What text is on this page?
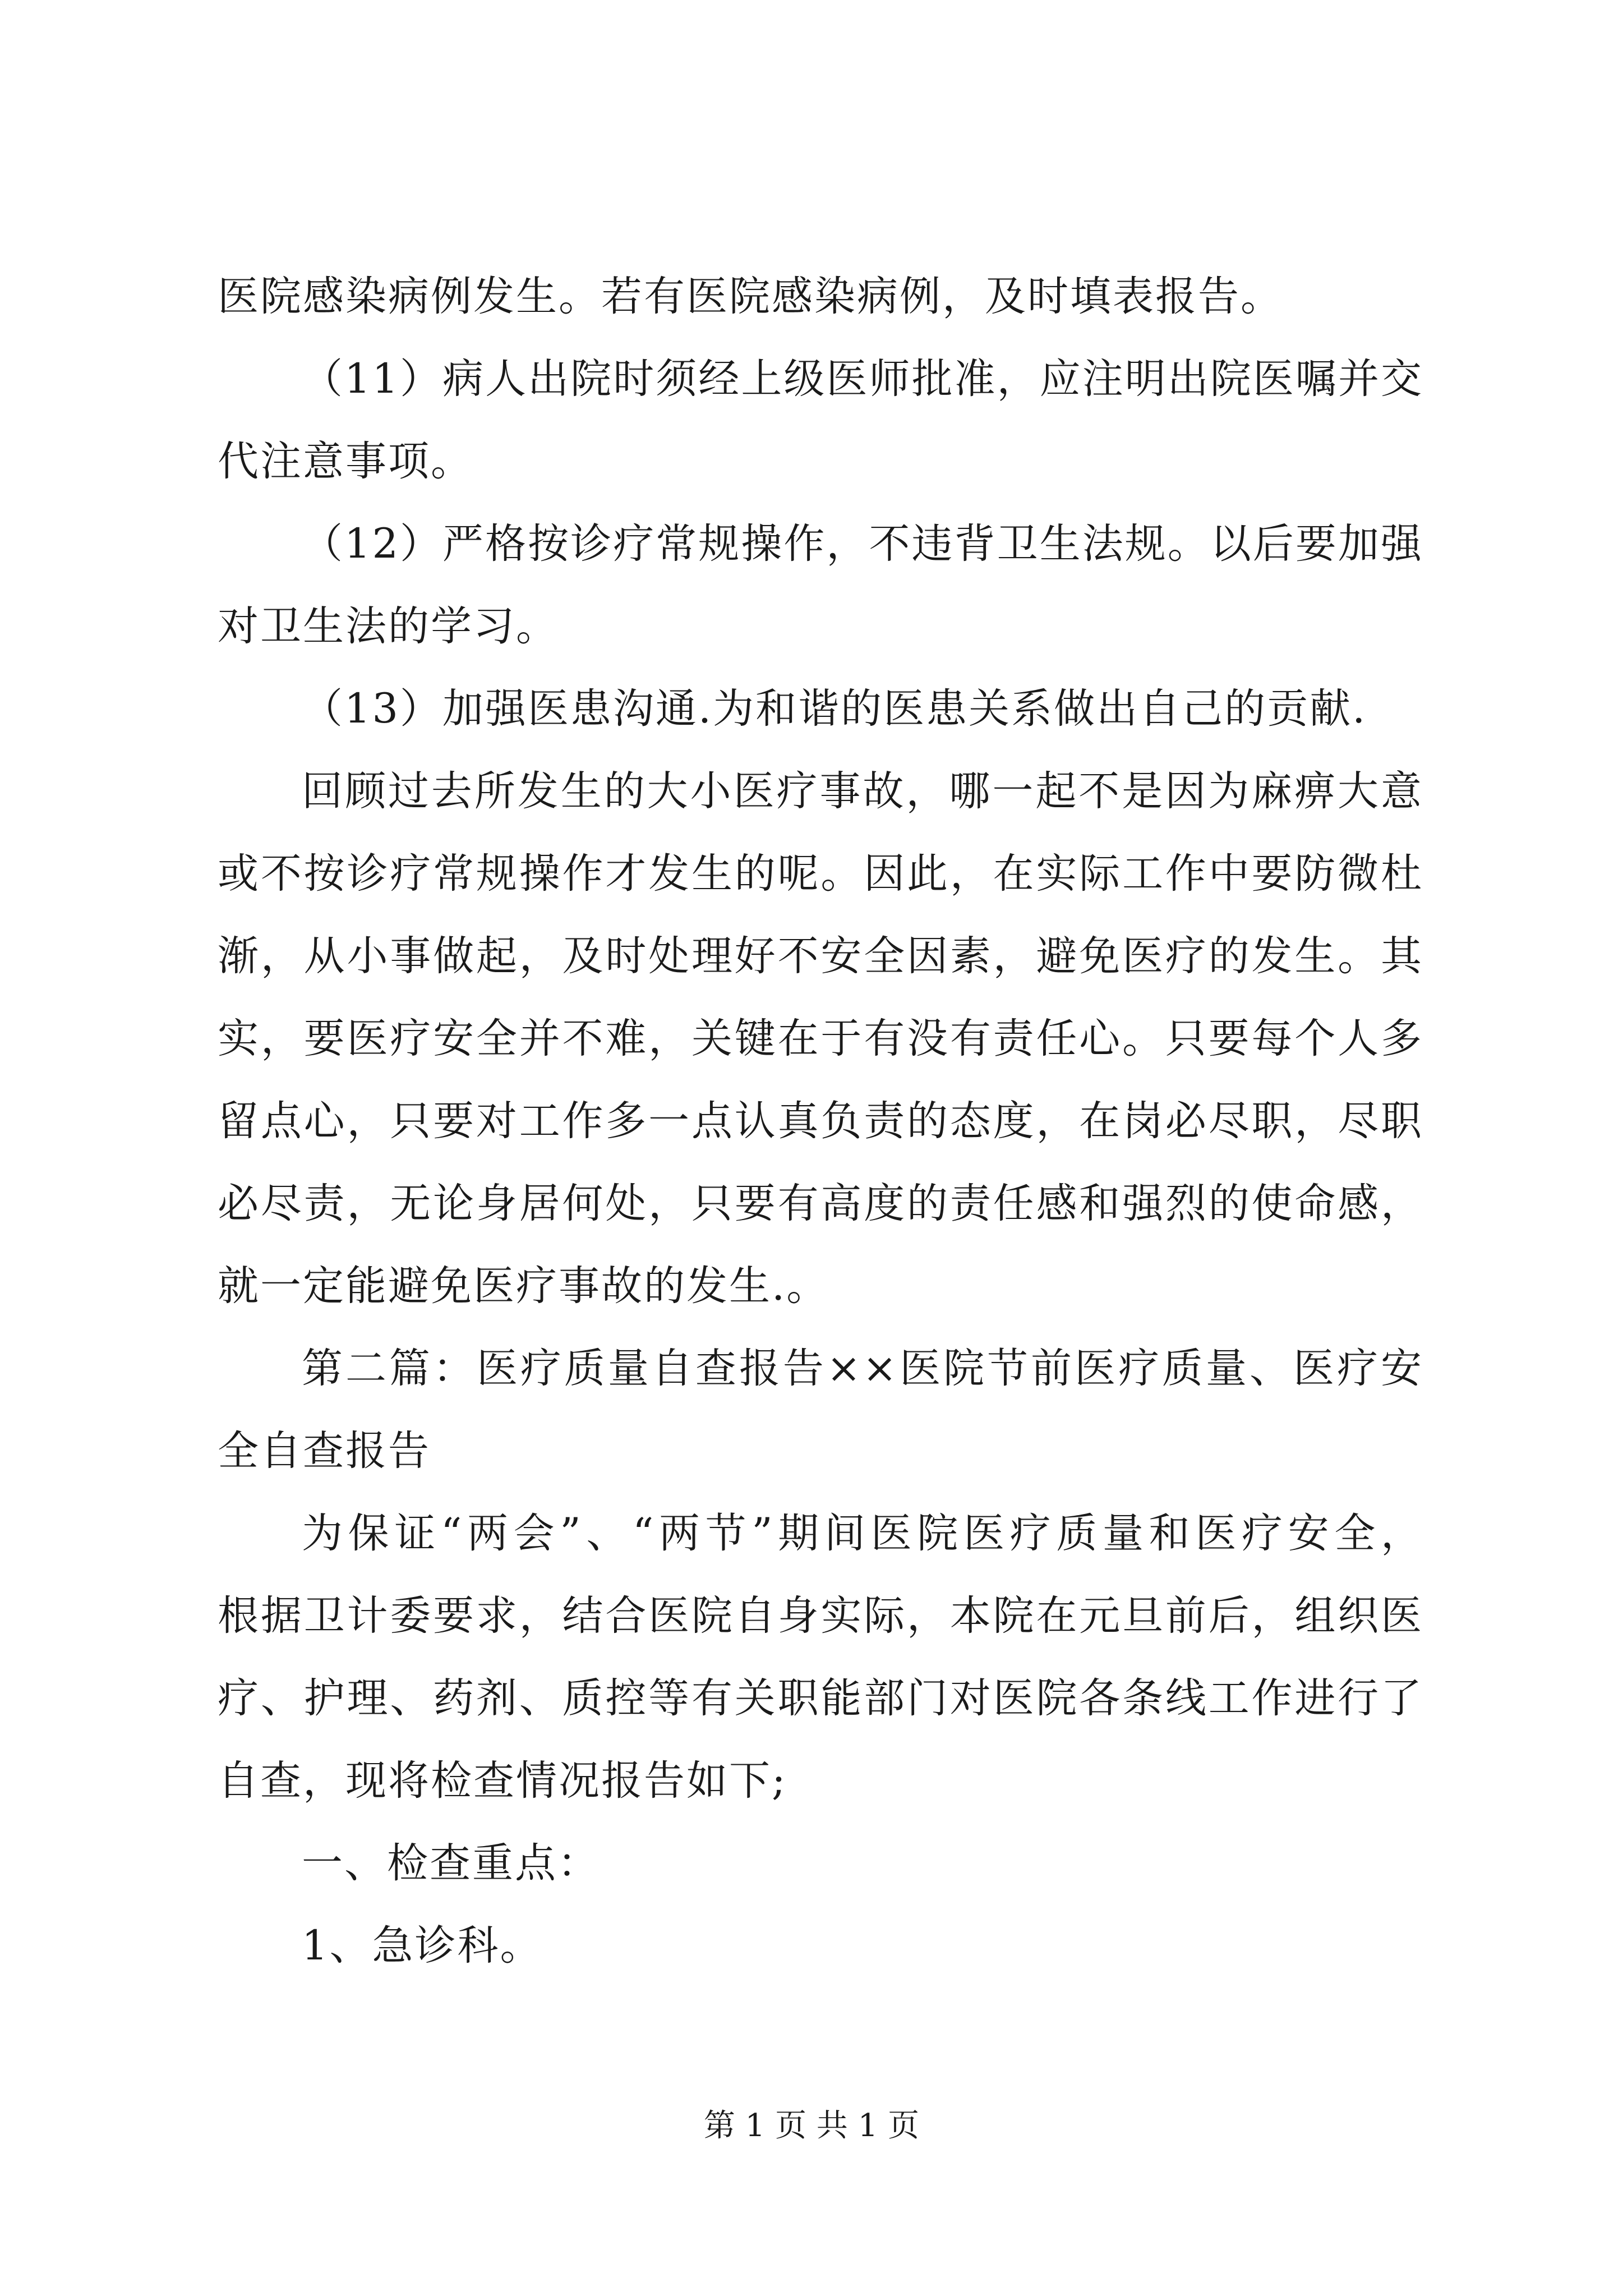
医院感染病例发生。若有医院感染病例，及时填表报告。
（11）病人出院时须经上级医师批准，应注明出院医嘱并交
代注意事项。
（12）严格按诊疗常规操作，不违背卫生法规。以后要加强
对卫生法的学习。
（13）加强医患沟通.为和谐的医患关系做出自己的贡献.
回顾过去所发生的大小医疗事故，哪一起不是因为麻痹大意
或不按诊疗常规操作才发生的呢。因此，在实际工作中要防微杜
渐，从小事做起，及时处理好不安全因素，避免医疗的发生。其
实，要医疗安全并不难，关键在于有没有责任心。只要每个人多
留点心，只要对工作多一点认真负责的态度，在岗必尽职，尽职
必尽责，无论身居何处，只要有高度的责任感和强烈的使命感，
就一定能避免医疗事故的发生.。
第二篇：医疗质量自查报告××医院节前医疗质量、医疗安
全自查报告
为保证“两会”、“两节”期间医院医疗质量和医疗安全，
根据卫计委要求，结合医院自身实际，本院在元旦前后，组织医
疗、护理、药剂、质控等有关职能部门对医院各条线工作进行了
自查，现将检查情况报告如下;
一、检查重点：
1、急诊科。
第 1 页 共 1 页
